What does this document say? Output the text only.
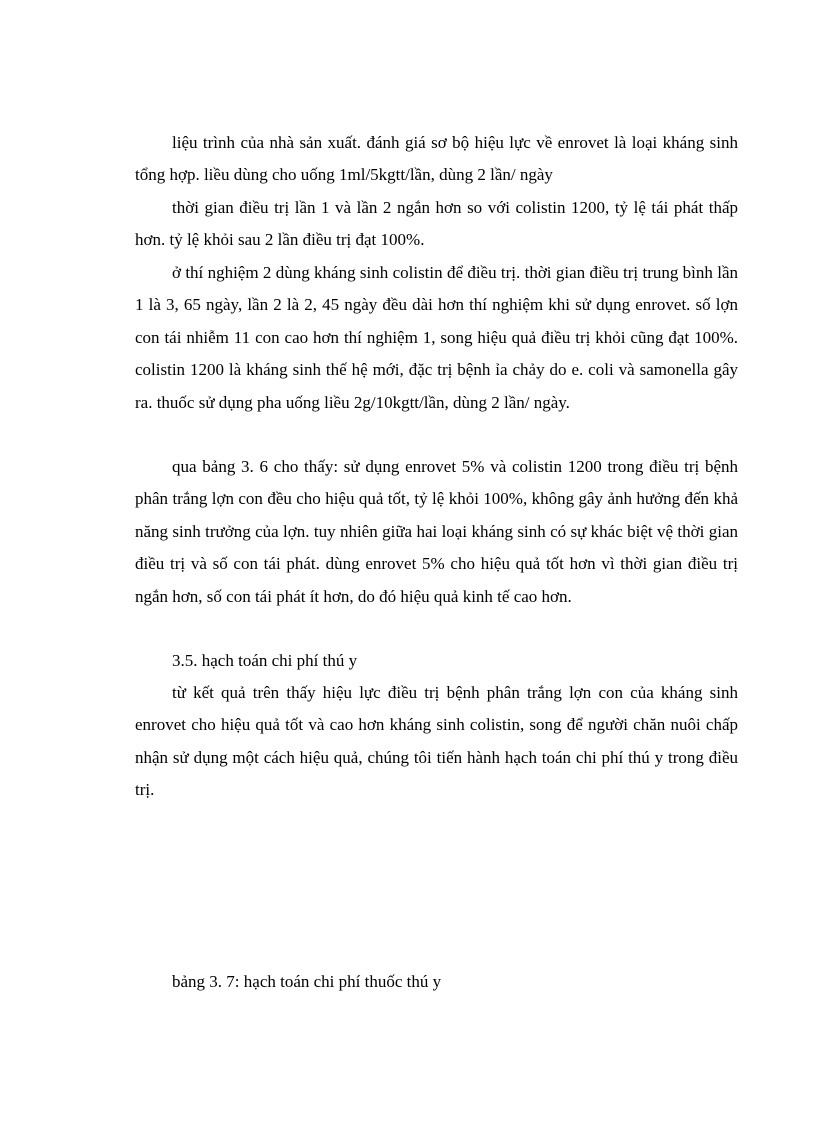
liệu trình của nhà sản xuất. đánh giá sơ bộ hiệu lực về enrovet là loại kháng sinh tổng hợp. liều dùng cho uống 1ml/5kgtt/lần, dùng 2 lần/ ngày

thời gian điều trị lần 1 và lần 2 ngắn hơn so với colistin 1200, tỷ lệ tái phát thấp hơn. tỷ lệ khỏi sau 2 lần điều trị đạt 100%.

ở thí nghiệm 2 dùng kháng sinh colistin để điều trị. thời gian điều trị trung bình lần 1 là 3, 65 ngày, lần 2 là 2, 45 ngày đều dài hơn thí nghiệm khi sử dụng enrovet. số lợn con tái nhiễm 11 con cao hơn thí nghiệm 1, song hiệu quả điều trị khỏi cũng đạt 100%. colistin 1200 là kháng sinh thế hệ mới, đặc trị bệnh ỉa chảy do e. coli và samonella gây ra. thuốc sử dụng pha uống liều 2g/10kgtt/lần, dùng 2 lần/ ngày.

qua bảng 3. 6 cho thấy: sử dụng enrovet 5% và colistin 1200 trong điều trị bệnh phân trắng lợn con đều cho hiệu quả tốt, tỷ lệ khỏi 100%, không gây ảnh hưởng đến khả năng sinh trưởng của lợn. tuy nhiên giữa hai loại kháng sinh có sự khác biệt vệ thời gian điều trị và số con tái phát. dùng enrovet 5% cho hiệu quả tốt hơn vì thời gian điều trị ngắn hơn, số con tái phát ít hơn, do đó hiệu quả kinh tế cao hơn.

3.5. hạch toán chi phí thú y

từ kết quả trên thấy hiệu lực điều trị bệnh phân trắng lợn con của kháng sinh enrovet cho hiệu quả tốt và cao hơn kháng sinh colistin, song để người chăn nuôi chấp nhận sử dụng một cách hiệu quả, chúng tôi tiến hành hạch toán chi phí thú y trong điều trị.

bảng 3. 7: hạch toán chi phí thuốc thú y
